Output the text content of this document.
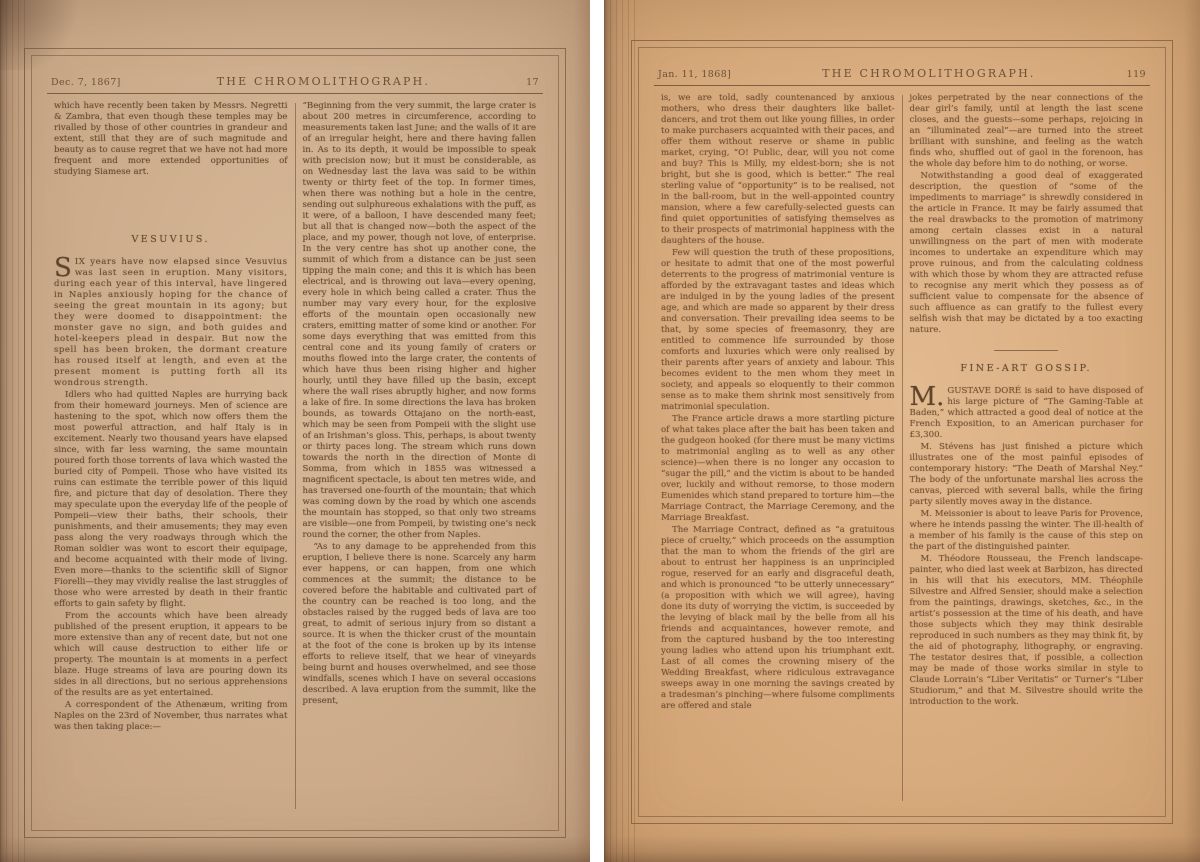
Dec. 7, 1867]	THE CHROMOLITHOGRAPH.	17

which have recently been taken by Messrs. Negretti & Zambra, that even though these temples may be rivalled by those of other countries in grandeur and extent, still that they are of such magnitude and beauty as to cause regret that we have not had more frequent and more extended opportunities of studying Siamese art.

VESUVIUS.

SIX years have now elapsed since Vesuvius was last seen in eruption. Many visitors, during each year of this interval, have lingered in Naples anxiously hoping for the chance of seeing the great mountain in its agony; but they were doomed to disappointment: the monster gave no sign, and both guides and hotel-keepers plead in despair. But now the spell has been broken, the dormant creature has roused itself at length, and even at the present moment is putting forth all its wondrous strength.

Idlers who had quitted Naples are hurrying back from their homeward journeys. Men of science are hastening to the spot, which now offers them the most powerful attraction, and half Italy is in excitement. Nearly two thousand years have elapsed since, with far less warning, the same mountain poured forth those torrents of lava which wasted the buried city of Pompeii. Those who have visited its ruins can estimate the terrible power of this liquid fire, and picture that day of desolation. There they may speculate upon the everyday life of the people of Pompeii—view their baths, their schools, their punishments, and their amusements; they may even pass along the very roadways through which the Roman soldier was wont to escort their equipage, and become acquainted with their mode of living. Even more—thanks to the scientific skill of Signor Fiorelli—they may vividly realise the last struggles of those who were arrested by death in their frantic efforts to gain safety by flight.

From the accounts which have been already published of the present eruption, it appears to be more extensive than any of recent date, but not one which will cause destruction to either life or property. The mountain is at moments in a perfect blaze. Huge streams of lava are pouring down its sides in all directions, but no serious apprehensions of the results are as yet entertained.

A correspondent of the Athenæum, writing from Naples on the 23rd of November, thus narrates what was then taking place:—

“Beginning from the very summit, the large crater is about 200 metres in circumference, according to measurements taken last June; and the walls of it are of an irregular height, here and there having fallen in. As to its depth, it would be impossible to speak with precision now; but it must be considerable, as on Wednesday last the lava was said to be within twenty or thirty feet of the top. In former times, when there was nothing but a hole in the centre, sending out sulphureous exhalations with the puff, as it were, of a balloon, I have descended many feet; but all that is changed now—both the aspect of the place, and my power, though not love, of enterprise. In the very centre has shot up another cone, the summit of which from a distance can be just seen tipping the main cone; and this it is which has been electrical, and is throwing out lava—every opening, every hole in which being called a crater. Thus the number may vary every hour, for the explosive efforts of the mountain open occasionally new craters, emitting matter of some kind or another. For some days everything that was emitted from this central cone and its young family of craters or mouths flowed into the large crater, the contents of which have thus been rising higher and higher hourly, until they have filled up the basin, except where the wall rises abruptly higher, and now forms a lake of fire. In some directions the lava has broken bounds, as towards Ottajano on the north-east, which may be seen from Pompeii with the slight use of an Irishman’s gloss. This, perhaps, is about twenty or thirty paces long. The stream which runs down towards the north in the direction of Monte di Somma, from which in 1855 was witnessed a magnificent spectacle, is about ten metres wide, and has traversed one-fourth of the mountain; that which was coming down by the road by which one ascends the mountain has stopped, so that only two streams are visible—one from Pompeii, by twisting one’s neck round the corner, the other from Naples.

“As to any damage to be apprehended from this eruption, I believe there is none. Scarcely any harm ever happens, or can happen, from one which commences at the summit; the distance to be covered before the habitable and cultivated part of the country can be reached is too long, and the obstacles raised by the rugged beds of lava are too great, to admit of serious injury from so distant a source. It is when the thicker crust of the mountain at the foot of the cone is broken up by its intense efforts to relieve itself, that we hear of vineyards being burnt and houses overwhelmed, and see those windfalls, scenes which I have on several occasions described. A lava eruption from the summit, like the present,

Jan. 11, 1868]	THE CHROMOLITHOGRAPH.	119

is, we are told, sadly countenanced by anxious mothers, who dress their daughters like ballet-dancers, and trot them out like young fillies, in order to make purchasers acquainted with their paces, and offer them without reserve or shame in public market, crying, “O! Public, dear, will you not come and buy? This is Milly, my eldest-born; she is not bright, but she is good, which is better.” The real sterling value of “opportunity” is to be realised, not in the ball-room, but in the well-appointed country mansion, where a few carefully-selected guests can find quiet opportunities of satisfying themselves as to their prospects of matrimonial happiness with the daughters of the house.

Few will question the truth of these propositions, or hesitate to admit that one of the most powerful deterrents to the progress of matrimonial venture is afforded by the extravagant tastes and ideas which are indulged in by the young ladies of the present age, and which are made so apparent by their dress and conversation. Their prevailing idea seems to be that, by some species of freemasonry, they are entitled to commence life surrounded by those comforts and luxuries which were only realised by their parents after years of anxiety and labour. This becomes evident to the men whom they meet in society, and appeals so eloquently to their common sense as to make them shrink most sensitively from matrimonial speculation.

The France article draws a more startling picture of what takes place after the bait has been taken and the gudgeon hooked (for there must be many victims to matrimonial angling as to well as any other science)—when there is no longer any occasion to “sugar the pill,” and the victim is about to be handed over, luckily and without remorse, to those modern Eumenides which stand prepared to torture him—the Marriage Contract, the Marriage Ceremony, and the Marriage Breakfast.

The Marriage Contract, defined as “a gratuitous piece of cruelty,” which proceeds on the assumption that the man to whom the friends of the girl are about to entrust her happiness is an unprincipled rogue, reserved for an early and disgraceful death, and which is pronounced “to be utterly unnecessary” (a proposition with which we will agree), having done its duty of worrying the victim, is succeeded by the levying of black mail by the belle from all his friends and acquaintances, however remote, and from the captured husband by the too interesting young ladies who attend upon his triumphant exit. Last of all comes the crowning misery of the Wedding Breakfast, where ridiculous extravagance sweeps away in one morning the savings created by a tradesman’s pinching—where fulsome compliments are offered and stale

jokes perpetrated by the near connections of the dear girl’s family, until at length the last scene closes, and the guests—some perhaps, rejoicing in an “illuminated zeal”—are turned into the street brilliant with sunshine, and feeling as the watch finds who, shuffled out of gaol in the forenoon, has the whole day before him to do nothing, or worse.

Notwithstanding a good deal of exaggerated description, the question of “some of the impediments to marriage” is shrewdly considered in the article in France. It may be fairly assumed that the real drawbacks to the promotion of matrimony among certain classes exist in a natural unwillingness on the part of men with moderate incomes to undertake an expenditure which may prove ruinous, and from the calculating coldness with which those by whom they are attracted refuse to recognise any merit which they possess as of sufficient value to compensate for the absence of such affluence as can gratify to the fullest every selfish wish that may be dictated by a too exacting nature.

FINE-ART GOSSIP.

M. GUSTAVE DORÉ is said to have disposed of his large picture of “The Gaming-Table at Baden,” which attracted a good deal of notice at the French Exposition, to an American purchaser for £3,300.

M. Stévens has just finished a picture which illustrates one of the most painful episodes of contemporary history: “The Death of Marshal Ney.” The body of the unfortunate marshal lies across the canvas, pierced with several balls, while the firing party silently moves away in the distance.

M. Meissonier is about to leave Paris for Provence, where he intends passing the winter. The ill-health of a member of his family is the cause of this step on the part of the distinguished painter.

M. Théodore Rousseau, the French landscape-painter, who died last week at Barbizon, has directed in his will that his executors, MM. Théophile Silvestre and Alfred Sensier, should make a selection from the paintings, drawings, sketches, &c., in the artist’s possession at the time of his death, and have those subjects which they may think desirable reproduced in such numbers as they may think fit, by the aid of photography, lithography, or engraving. The testator desires that, if possible, a collection may be made of those works similar in style to Claude Lorrain’s “Liber Veritatis” or Turner’s “Liber Studiorum,” and that M. Silvestre should write the introduction to the work.
